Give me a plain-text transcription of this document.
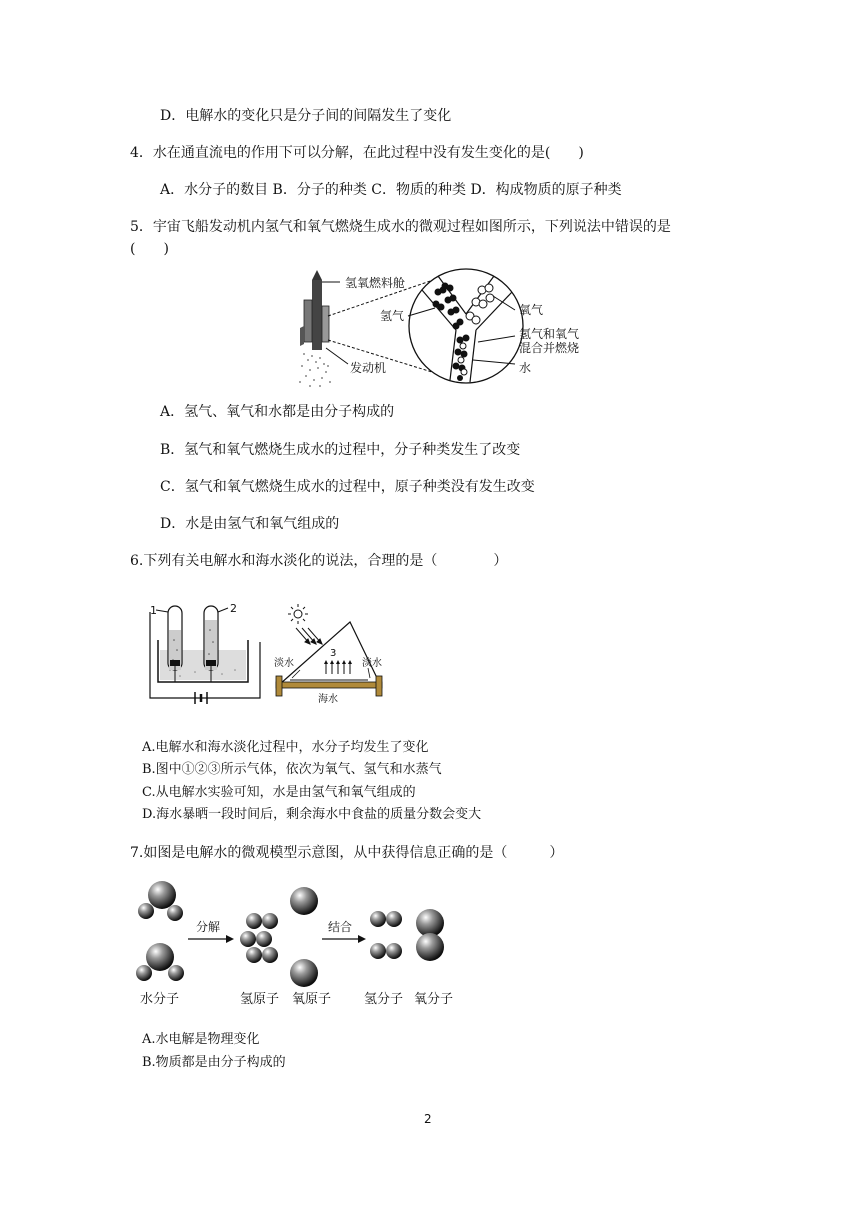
D．电解水的变化只是分子间的间隔发生了变化
4．水在通直流电的作用下可以分解，在此过程中没有发生变化的是(　　)
A．水分子的数目 B．分子的种类 C．物质的种类 D．构成物质的原子种类
5．宇宙飞船发动机内氢气和氧气燃烧生成水的微观过程如图所示，下列说法中错误的是
(　　)
氢氧燃料舱
氢气	氧气
氢气和氧气
混合并燃烧
发动机	水
A．氢气、氧气和水都是由分子构成的
B．氢气和氧气燃烧生成水的过程中，分子种类发生了改变
C．氢气和氧气燃烧生成水的过程中，原子种类没有发生改变
D．水是由氢气和氧气组成的
6.下列有关电解水和海水淡化的说法，合理的是（　　　　）
1	2
3
淡水	淡水
海水
A.电解水和海水淡化过程中，水分子均发生了变化
B.图中①②③所示气体，依次为氧气、氢气和水蒸气
C.从电解水实验可知，水是由氢气和氧气组成的
D.海水暴晒一段时间后，剩余海水中食盐的质量分数会变大
7.如图是电解水的微观模型示意图，从中获得信息正确的是（　　　）
分解	结合
水分子	氢原子 氧原子	氢分子 氧分子
A.水电解是物理变化
B.物质都是由分子构成的
2
